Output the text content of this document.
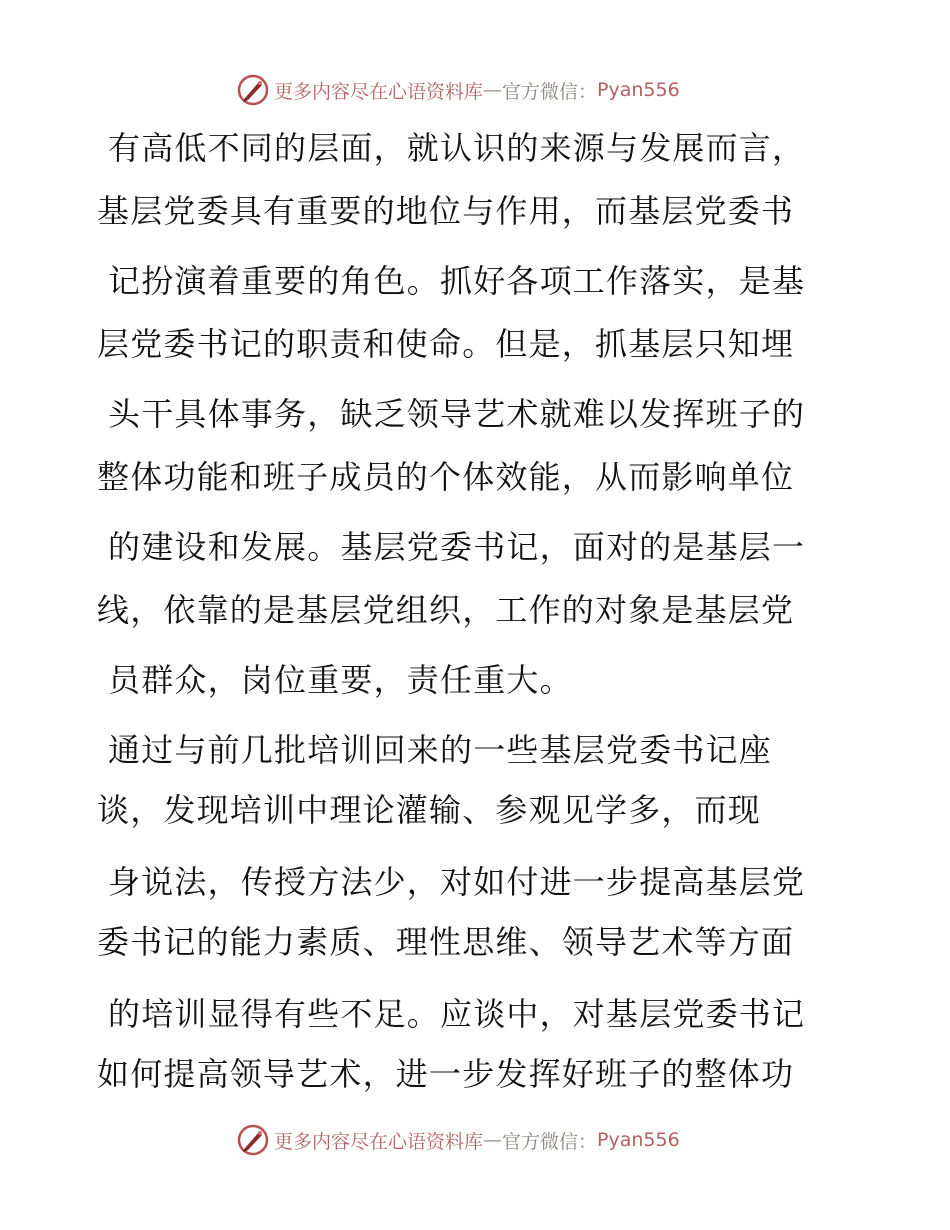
更多内容尽在心语资料库 — 官方微信： Pyan556
有高低不同的层面，就认识的来源与发展而言，
基层党委具有重要的地位与作用，而基层党委书
记扮演着重要的角色。抓好各项工作落实，是基
层党委书记的职责和使命。但是，抓基层只知埋
头干具体事务，缺乏领导艺术就难以发挥班子的
整体功能和班子成员的个体效能，从而影响单位
的建设和发展。基层党委书记，面对的是基层一
线，依靠的是基层党组织，工作的对象是基层党
员群众，岗位重要，责任重大。
通过与前几批培训回来的一些基层党委书记座
谈，发现培训中理论灌输、参观见学多，而现
身说法，传授方法少，对如付进一步提高基层党
委书记的能力素质、理性思维、领导艺术等方面
的培训显得有些不足。应谈中，对基层党委书记
如何提高领导艺术，进一步发挥好班子的整体功
更多内容尽在心语资料库 — 官方微信： Pyan556
